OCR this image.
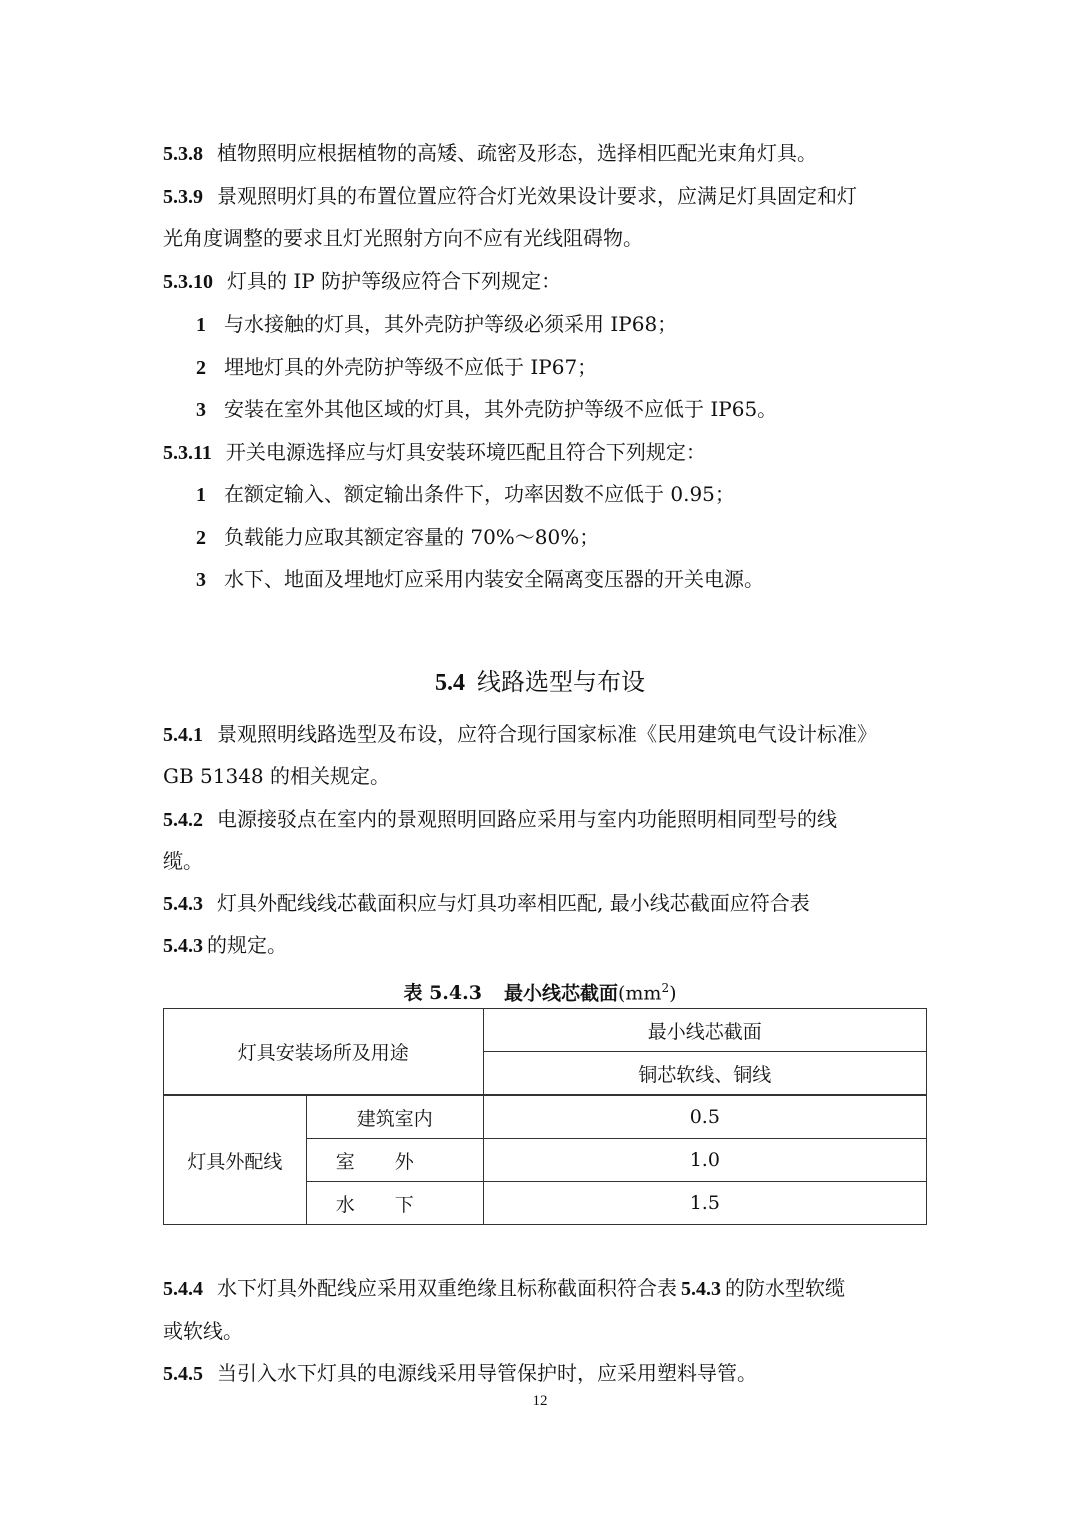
5.3.8 植物照明应根据植物的高矮、疏密及形态，选择相匹配光束角灯具。
5.3.9 景观照明灯具的布置位置应符合灯光效果设计要求，应满足灯具固定和灯
光角度调整的要求且灯光照射方向不应有光线阻碍物。
5.3.10 灯具的 IP 防护等级应符合下列规定：
1 与水接触的灯具，其外壳防护等级必须采用 IP68；
2 埋地灯具的外壳防护等级不应低于 IP67；
3 安装在室外其他区域的灯具，其外壳防护等级不应低于 IP65。
5.3.11 开关电源选择应与灯具安装环境匹配且符合下列规定：
1 在额定输入、额定输出条件下，功率因数不应低于 0.95；
2 负载能力应取其额定容量的 70%～80%；
3 水下、地面及埋地灯应采用内装安全隔离变压器的开关电源。
5.4 线路选型与布设
5.4.1 景观照明线路选型及布设，应符合现行国家标准《民用建筑电气设计标准》
GB 51348 的相关规定。
5.4.2 电源接驳点在室内的景观照明回路应采用与室内功能照明相同型号的线
缆。
5.4.3 灯具外配线线芯截面积应与灯具功率相匹配, 最小线芯截面应符合表
5.4.3 的规定。
表 5.4.3 最小线芯截面$(mm^2)$
灯具安装场所及用途		最小线芯截面
		铜芯软线、铜线
灯具外配线	建筑室内	0.5
	室外	1.0
	水下	1.5
5.4.4 水下灯具外配线应采用双重绝缘且标称截面积符合表 5.4.3 的防水型软缆
或软线。
5.4.5 当引入水下灯具的电源线采用导管保护时，应采用塑料导管。
12
